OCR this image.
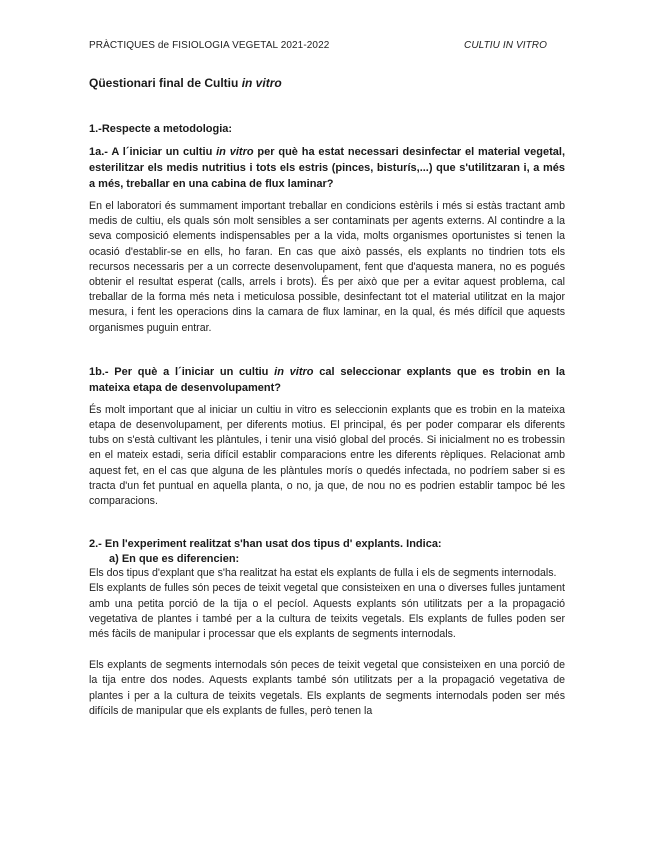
PRÀCTIQUES de FISIOLOGIA VEGETAL 2021-2022	CULTIU IN VITRO

Qüestionari final de Cultiu in vitro

1.-Respecte a metodologia:

1a.- A l´iniciar un cultiu in vitro per què ha estat necessari desinfectar el material vegetal, esterilitzar els medis nutritius i tots els estris (pinces, bisturís,...) que s'utilitzaran i, a més a més, treballar en una cabina de flux laminar?

En el laboratori és summament important treballar en condicions estèrils i més si estàs tractant amb medis de cultiu, els quals són molt sensibles a ser contaminats per agents externs. Al contindre a la seva composició elements indispensables per a la vida, molts organismes oportunistes si tenen la ocasió d'establir-se en ells, ho faran. En cas que això passés, els explants no tindrien tots els recursos necessaris per a un correcte desenvolupament, fent que d'aquesta manera, no es pogués obtenir el resultat esperat (calls, arrels i brots). És per això que per a evitar aquest problema, cal treballar de la forma més neta i meticulosa possible, desinfectant tot el material utilitzat en la major mesura, i fent les operacions dins la camara de flux laminar, en la qual, és més difícil que aquests organismes puguin entrar.

1b.- Per què a l´iniciar un cultiu in vitro cal seleccionar explants que es trobin en la mateixa etapa de desenvolupament?

És molt important que al iniciar un cultiu in vitro es seleccionin explants que es trobin en la mateixa etapa de desenvolupament, per diferents motius. El principal, és per poder comparar els diferents tubs on s'està cultivant les plàntules, i tenir una visió global del procés. Si inicialment no es trobessin en el mateix estadi, seria difícil establir comparacions entre les diferents rèpliques. Relacionat amb aquest fet, en el cas que alguna de les plàntules morís o quedés infectada, no podríem saber si es tracta d'un fet puntual en aquella planta, o no, ja que, de nou no es podrien establir tampoc bé les comparacions.

2.- En l'experiment realitzat s'han usat dos tipus d' explants. Indica:

a) En que es diferencien:

Els dos tipus d'explant que s'ha realitzat ha estat els explants de fulla i els de segments internodals.

Els explants de fulles són peces de teixit vegetal que consisteixen en una o diverses fulles juntament amb una petita porció de la tija o el pecíol. Aquests explants són utilitzats per a la propagació vegetativa de plantes i també per a la cultura de teixits vegetals. Els explants de fulles poden ser més fàcils de manipular i processar que els explants de segments internodals.

Els explants de segments internodals són peces de teixit vegetal que consisteixen en una porció de la tija entre dos nodes. Aquests explants també són utilitzats per a la propagació vegetativa de plantes i per a la cultura de teixits vegetals. Els explants de segments internodals poden ser més difícils de manipular que els explants de fulles, però tenen la
